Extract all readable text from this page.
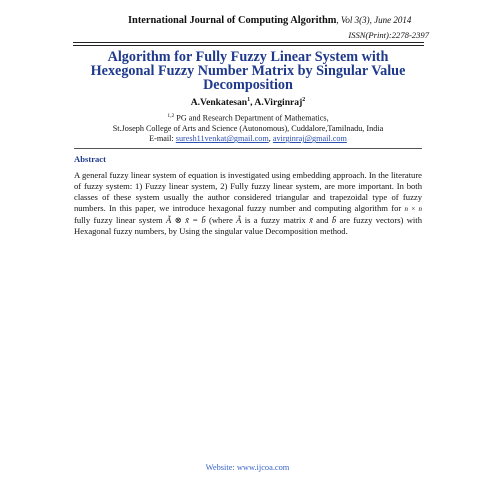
International Journal of Computing Algorithm, Vol 3(3), June 2014
ISSN(Print):2278-2397
Algorithm for Fully Fuzzy Linear System with
Hexegonal Fuzzy Number Matrix by Singular Value
Decomposition
A.Venkatesan$^1$, A.Virginraj$^2$
$^{1,2}$ PG and Research Department of Mathematics,
St.Joseph College of Arts and Science (Autonomous), Cuddalore,Tamilnadu, India
E-mail: suresh11venkat@gmail.com, avirginraj@gmail.com
Abstract
A general fuzzy linear system of equation is investigated using embedding approach. In the literature of fuzzy system: 1) Fuzzy linear system, 2) Fully fuzzy linear system, are more important. In both classes of these system usually the author considered triangular and trapezoidal type of fuzzy numbers. In this paper, we introduce hexagonal fuzzy number and computing algorithm for n × n fully fuzzy linear system Ã ⊗ x̃ = b̃ (where Ã is a fuzzy matrix x̃ and b̃ are fuzzy vectors) with Hexagonal fuzzy numbers, by Using the singular value Decomposition method.
Website: www.ijcoa.com
